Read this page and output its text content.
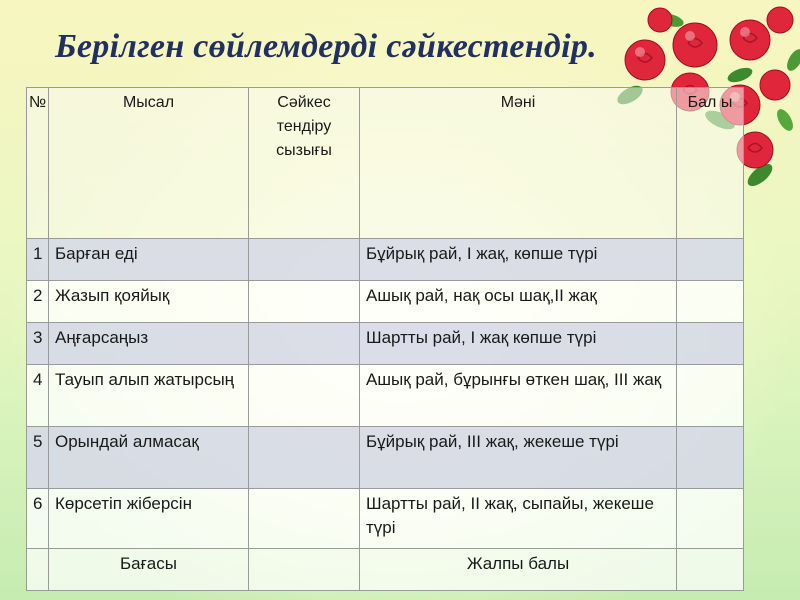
Берілген сөйлемдерді сәйкестендір.
№	Мысал	Сәйкес тендіру сызығы	Мәні	Бал ы
1	Барған еді		Бұйрық рай, I жақ, көпше түрі	
2	Жазып қояйық		Ашық рай, нақ осы шақ,II жақ	
3	Аңғарсаңыз		Шартты рай, I жақ көпше түрі	
4	Тауып алып жатырсың		Ашық рай, бұрынғы өткен шақ, III жақ	
5	Орындай алмасақ		Бұйрық рай, III жақ, жекеше түрі	
6	Көрсетіп жіберсін		Шартты рай, II жақ, сыпайы, жекеше түрі	
	Бағасы		Жалпы балы	
